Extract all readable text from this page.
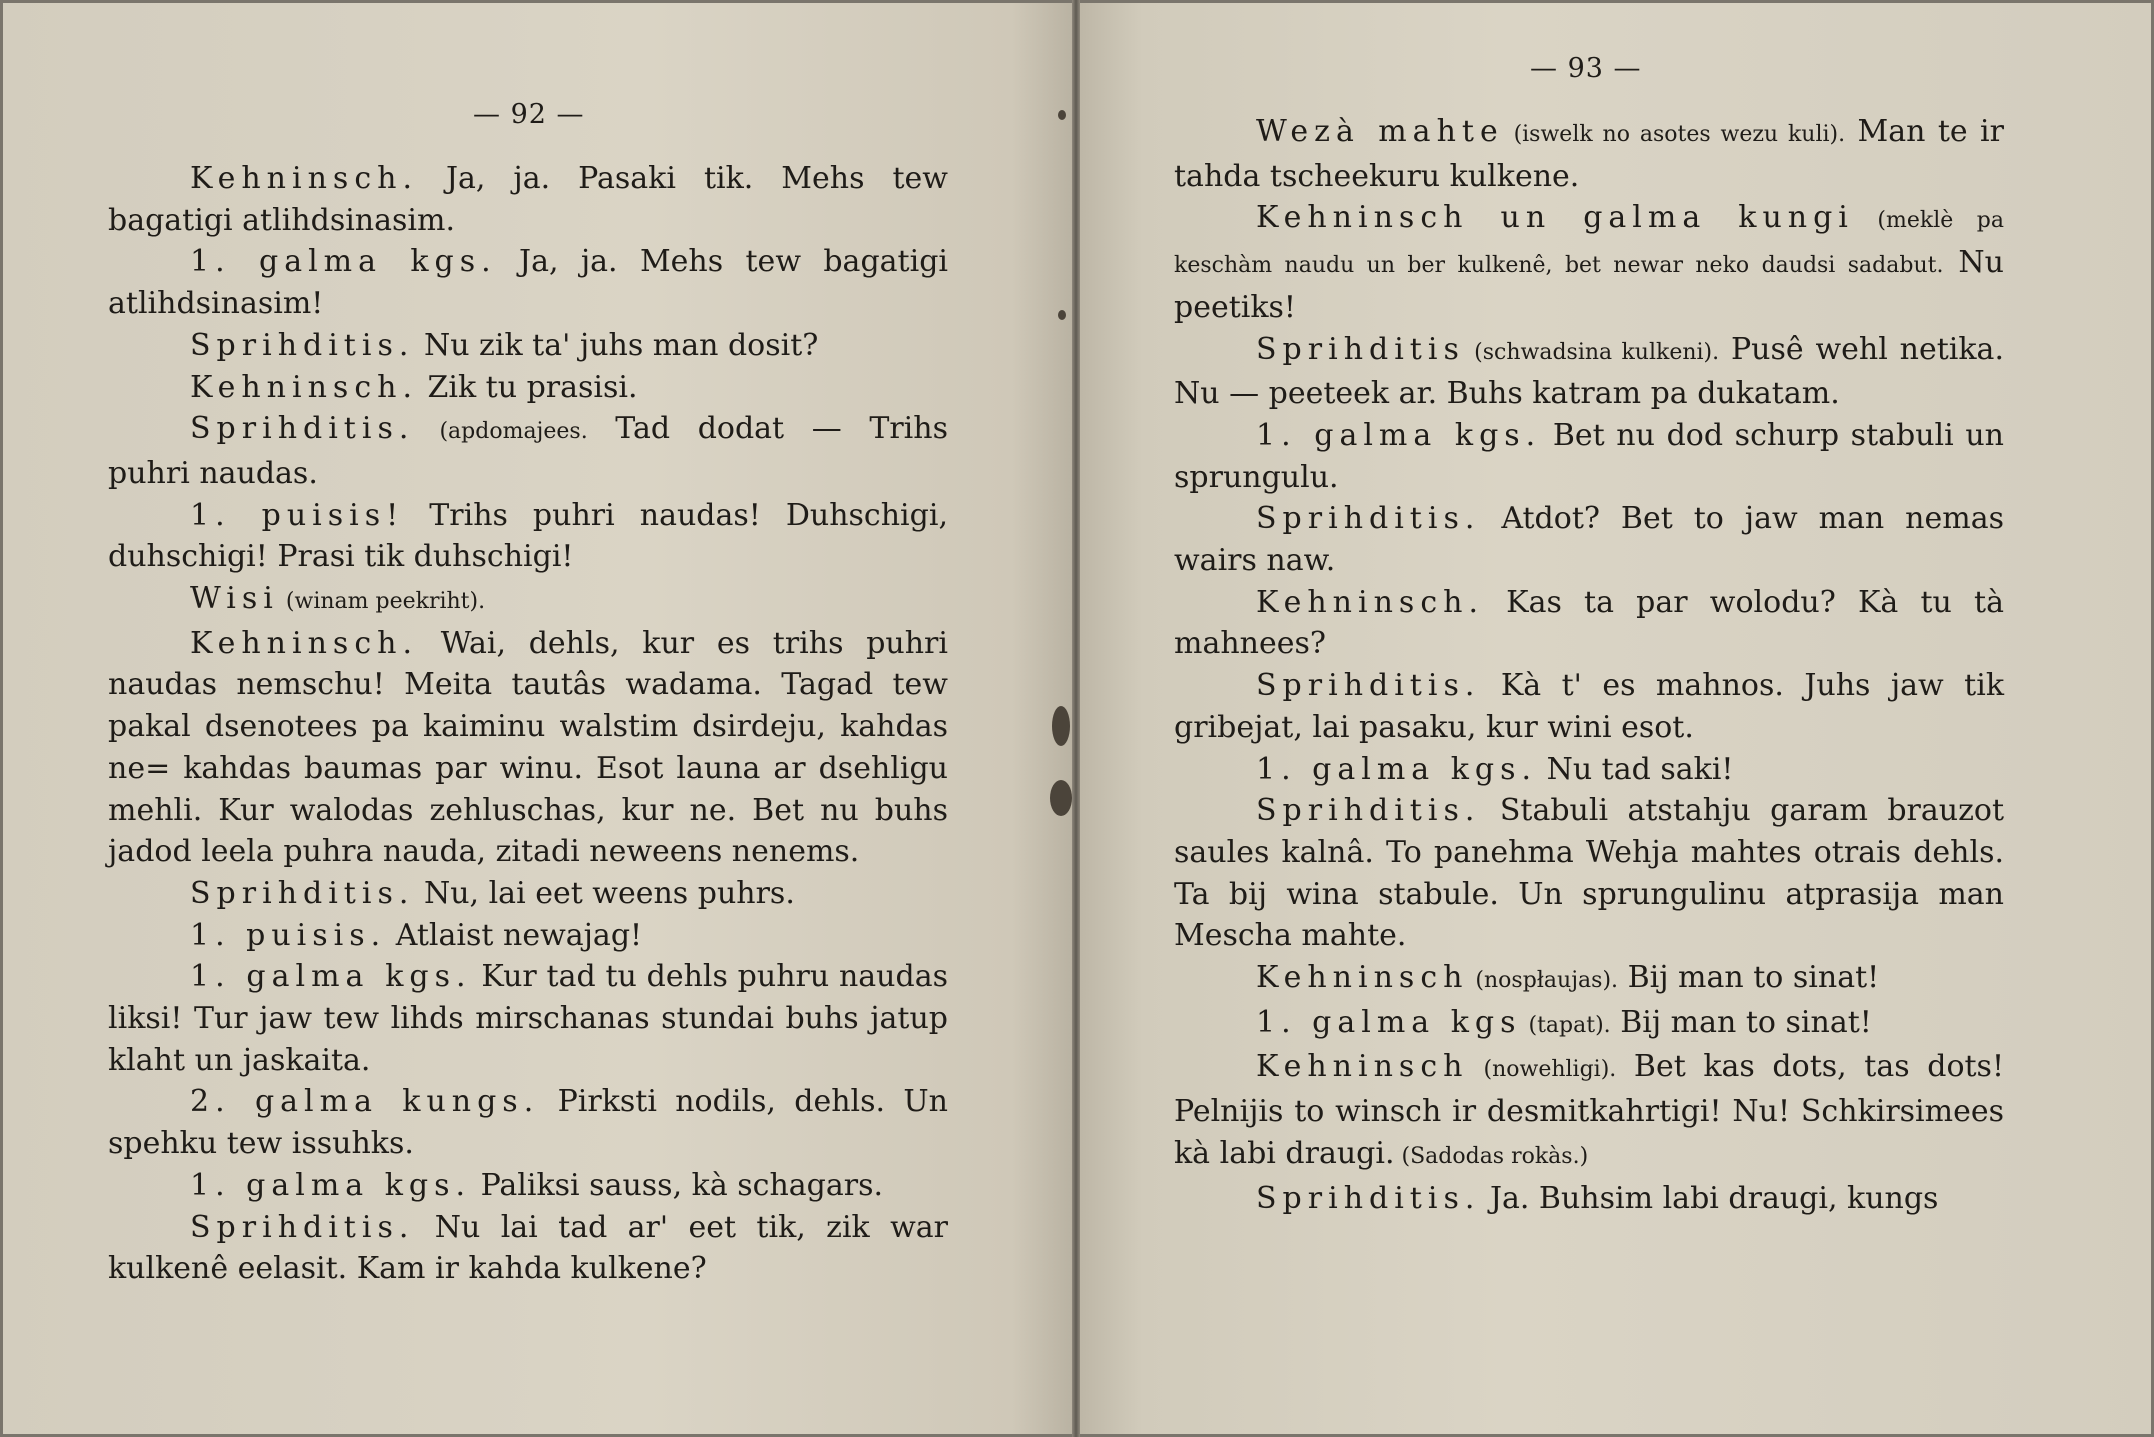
— 92 —

Kehninsch. Ja, ja. Pasaki tik. Mehs tew bagatigi atlihdsinasim.

1. galma kgs. Ja, ja. Mehs tew bagatigi atlihdsinasim!

Sprihditis. Nu zik ta' juhs man dosit?

Kehninsch. Zik tu prasisi.

Sprihditis. (apdomajees. Tad dodat — Trihs puhri naudas.

1. puisis! Trihs puhri naudas! Duhschigi, duhschigi! Prasi tik duhschigi!

Wisi (winam peekriht).

Kehninsch. Wai, dehls, kur es trihs puhri naudas nemschu! Meita tautâs wadama. Tagad tew pakal dsenotees pa kaiminu walstim dsirdeju, kahdas ne= kahdas baumas par winu. Esot launa ar dsehligu mehli. Kur walodas zehluschas, kur ne. Bet nu buhs jadod leela puhra nauda, zitadi neweens nenems.

Sprihditis. Nu, lai eet weens puhrs.

1. puisis. Atlaist newajag!

1. galma kgs. Kur tad tu dehls puhru naudas liksi! Tur jaw tew lihds mirschanas stundai buhs jatup klaht un jaskaita.

2. galma kungs. Pirksti nodils, dehls. Un spehku tew issuhks.

1. galma kgs. Paliksi sauss, kà schagars.

Sprihditis. Nu lai tad ar' eet tik, zik war kulkenê eelasit. Kam ir kahda kulkene?

— 93 —

Wezà mahte (iswelk no asotes wezu kuli). Man te ir tahda tscheekuru kulkene.

Kehninsch un galma kungi (meklè pa keschàm naudu un ber kulkenê, bet newar neko daudsi sadabut. Nu peetiks!

Sprihditis (schwadsina kulkeni). Pusê wehl netika. Nu — peeteek ar. Buhs katram pa dukatam.

1. galma kgs. Bet nu dod schurp stabuli un sprungulu.

Sprihditis. Atdot? Bet to jaw man nemas wairs naw.

Kehninsch. Kas ta par wolodu? Kà tu tà mahnees?

Sprihditis. Kà t' es mahnos. Juhs jaw tik gribejat, lai pasaku, kur wini esot.

1. galma kgs. Nu tad saki!

Sprihditis. Stabuli atstahju garam brauzot saules kalnâ. To panehma Wehja mahtes otrais dehls. Ta bij wina stabule. Un sprungulinu atprasija man Mescha mahte.

Kehninsch (nospłaujas). Bij man to sinat!

1. galma kgs (tapat). Bij man to sinat!

Kehninsch (nowehligi). Bet kas dots, tas dots! Pelnijis to winsch ir desmitkahrtigi! Nu! Schkirsimees kà labi draugi. (Sadodas rokàs.)

Sprihditis. Ja. Buhsim labi draugi, kungs
